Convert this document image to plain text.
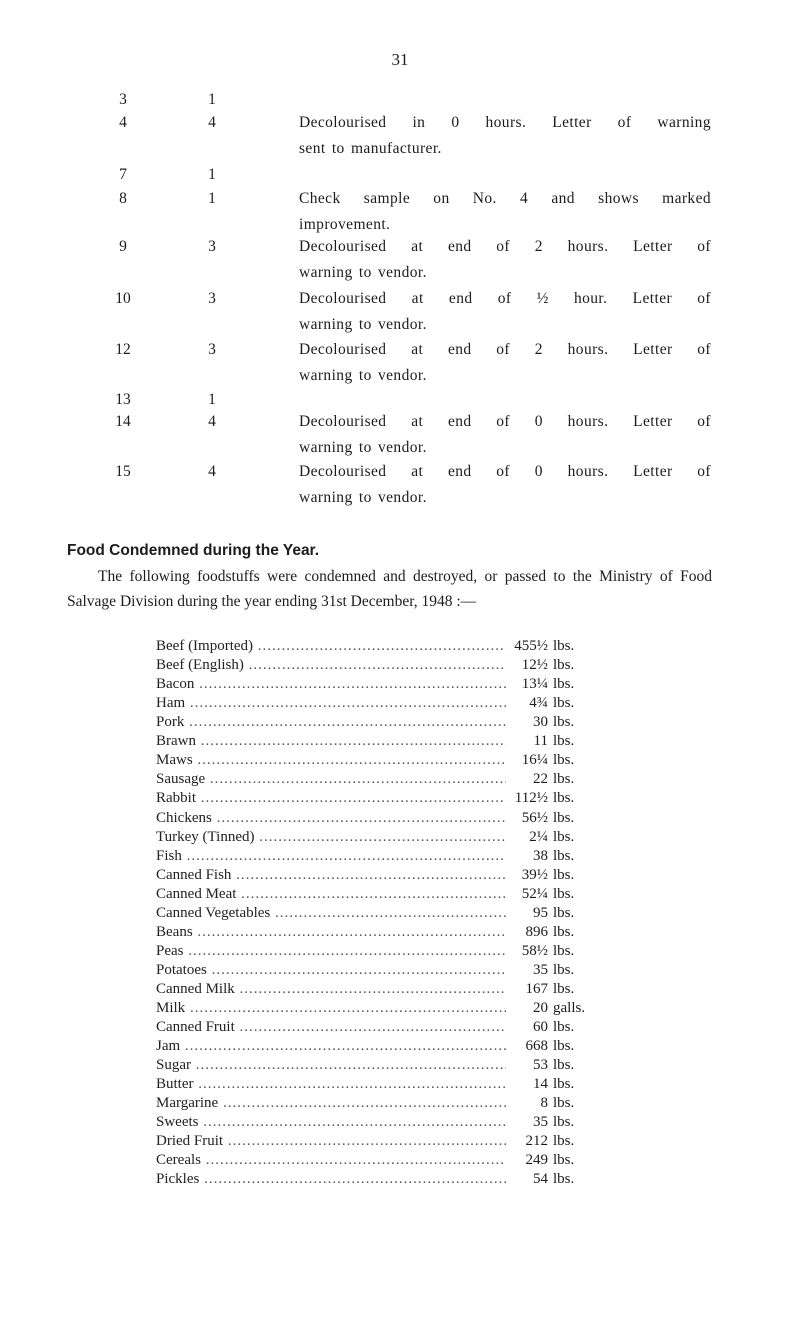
31
3	1
4	4	Decolourised in 0 hours. Letter of warning
sent to manufacturer.
7	1
8	1	Check sample on No. 4 and shows marked
improvement.
9	3	Decolourised at end of 2 hours. Letter of
warning to vendor.
10	3	Decolourised at end of ½ hour. Letter of
warning to vendor.
12	3	Decolourised at end of 2 hours. Letter of
warning to vendor.
13	1
14	4	Decolourised at end of 0 hours. Letter of
warning to vendor.
15	4	Decolourised at end of 0 hours. Letter of
warning to vendor.
Food Condemned during the Year.

The following foodstuffs were condemned and destroyed, or passed to the Ministry of Food Salvage Division during the year ending 31st December, 1948 :—

Beef (Imported) .....	455½ lbs.
Beef (English) .....	12½ lbs.
Bacon .....	13¼ lbs.
Ham .....	4¾ lbs.
Pork .....	30 lbs.
Brawn .....	11 lbs.
Maws .....	16¼ lbs.
Sausage .....	22 lbs.
Rabbit .....	112½ lbs.
Chickens .....	56½ lbs.
Turkey (Tinned) .....	2¼ lbs.
Fish .....	38 lbs.
Canned Fish .....	39½ lbs.
Canned Meat .....	52¼ lbs.
Canned Vegetables .....	95 lbs.
Beans .....	896 lbs.
Peas .....	58½ lbs.
Potatoes .....	35 lbs.
Canned Milk .....	167 lbs.
Milk .....	20 galls.
Canned Fruit .....	60 lbs.
Jam .....	668 lbs.
Sugar .....	53 lbs.
Butter .....	14 lbs.
Margarine .....	8 lbs.
Sweets .....	35 lbs.
Dried Fruit .....	212 lbs.
Cereals .....	249 lbs.
Pickles .....	54 lbs.
